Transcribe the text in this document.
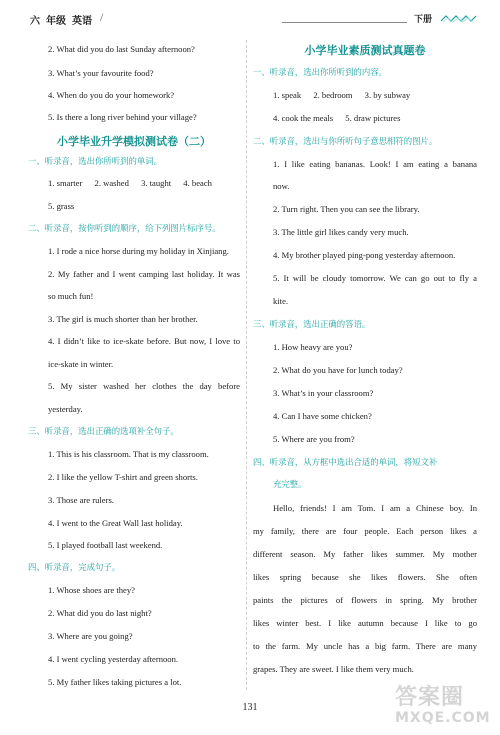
六 年级 英语 /	下册
2. What did you do last Sunday afternoon?
3. What’s your favourite food?
4. When do you do your homework?
5. Is there a long river behind your village?
小学毕业升学模拟测试卷（二）
一、听录音，选出你所听到的单词。
1. smarter 2. washed 3. taught 4. beach
5. grass
二、听录音，按你听到的顺序，给下列图片标序号。
1. I rode a nice horse during my holiday in Xinjiang.
2. My father and I went camping last holiday. It was
so much fun!
3. The girl is much shorter than her brother.
4. I didn’t like to ice-skate before. But now, I love to
ice-skate in winter.
5. My sister washed her clothes the day before
yesterday.
三、听录音，选出正确的选项补全句子。
1. This is his classroom. That is my classroom.
2. I like the yellow T-shirt and green shorts.
3. Those are rulers.
4. I went to the Great Wall last holiday.
5. I played football last weekend.
四、听录音，完成句子。
1. Whose shoes are they?
2. What did you do last night?
3. Where are you going?
4. I went cycling yesterday afternoon.
5. My father likes taking pictures a lot.
小学毕业素质测试真题卷
一、听录音，选出你所听到的内容。
1. speak 2. bedroom 3. by subway
4. cook the meals 5. draw pictures
二、听录音，选出与你所听句子意思相符的图片。
1. I like eating bananas. Look! I am eating a banana
now.
2. Turn right. Then you can see the library.
3. The little girl likes candy very much.
4. My brother played ping-pong yesterday afternoon.
5. It will be cloudy tomorrow. We can go out to fly a
kite.
三、听录音，选出正确的答语。
1. How heavy are you?
2. What do you have for lunch today?
3. What’s in your classroom?
4. Can I have some chicken?
5. Where are you from?
四、听录音，从方框中选出合适的单词，将短文补
充完整。
Hello, friends! I am Tom. I am a Chinese boy. In
my family, there are four people. Each person likes a
different season. My father likes summer. My mother
likes spring because she likes flowers. She often
paints the pictures of flowers in spring. My brother
likes winter best. I like autumn because I like to go
to the farm. My uncle has a big farm. There are many
grapes. They are sweet. I like them very much.
131	答案圈
MXQE.COM
